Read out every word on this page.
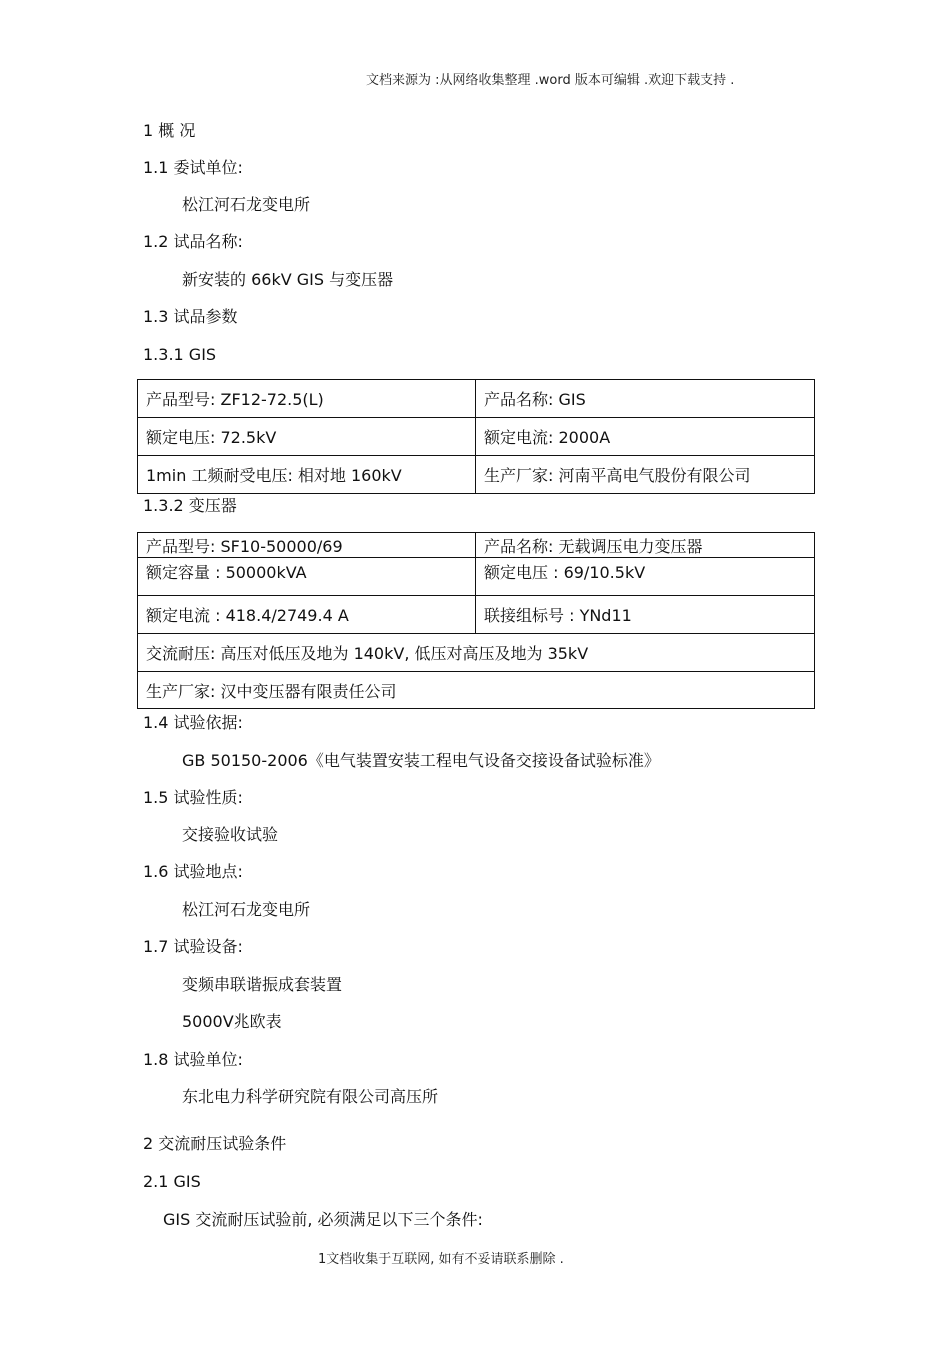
文档来源为 :从网络收集整理 .word 版本可编辑 .欢迎下载支持 .
1 概 况
1.1 委试单位:
松江河石龙变电所
1.2 试品名称:
新安装的 66kV GIS 与变压器
1.3 试品参数
1.3.1 GIS
产品型号: ZF12-72.5(L)	产品名称: GIS
额定电压: 72.5kV	额定电流: 2000A
1min 工频耐受电压: 相对地 160kV	生产厂家: 河南平高电气股份有限公司
1.3.2 变压器
产品型号: SF10-50000/69	产品名称: 无载调压电力变压器
额定容量 : 50000kVA	额定电压 : 69/10.5kV
额定电流 : 418.4/2749.4 A	联接组标号 : YNd11
交流耐压: 高压对低压及地为 140kV, 低压对高压及地为 35kV	
生产厂家: 汉中变压器有限责任公司	
1.4 试验依据:
GB 50150-2006《电气装置安装工程电气设备交接设备试验标准》
1.5 试验性质:
交接验收试验
1.6 试验地点:
松江河石龙变电所
1.7 试验设备:
变频串联谐振成套装置
5000V兆欧表
1.8 试验单位:
东北电力科学研究院有限公司高压所
2 交流耐压试验条件
2.1 GIS
GIS 交流耐压试验前, 必须满足以下三个条件:
1文档收集于互联网, 如有不妥请联系删除 .
